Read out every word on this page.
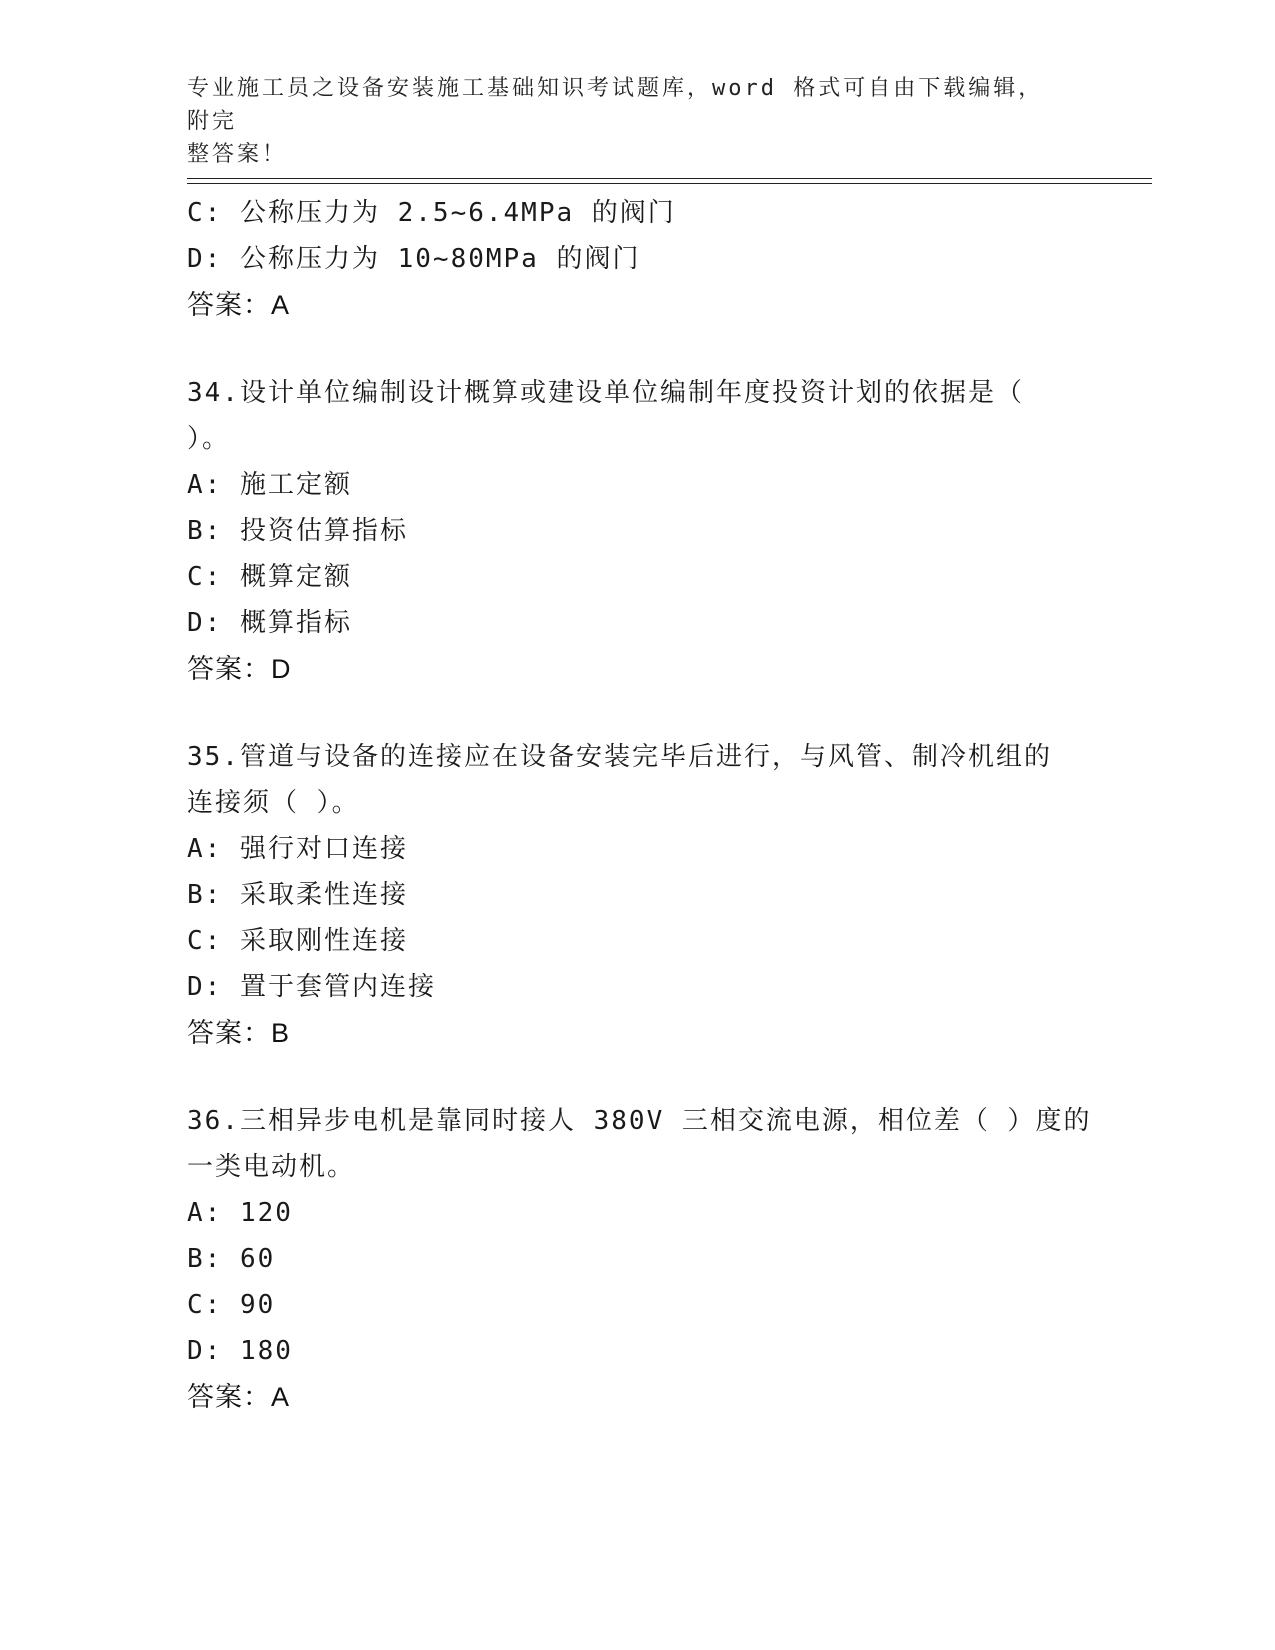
专业施工员之设备安装施工基础知识考试题库，word 格式可自由下载编辑，附完
整答案！
C: 公称压力为 2.5~6.4MPa 的阀门
D: 公称压力为 10~80MPa 的阀门
答案：A
34.设计单位编制设计概算或建设单位编制年度投资计划的依据是（
）。
A: 施工定额
B: 投资估算指标
C: 概算定额
D: 概算指标
答案：D
35.管道与设备的连接应在设备安装完毕后进行，与风管、制冷机组的
连接须（ ）。
A: 强行对口连接
B: 采取柔性连接
C: 采取刚性连接
D: 置于套管内连接
答案：B
36.三相异步电机是靠同时接人 380V 三相交流电源，相位差（ ）度的
一类电动机。
A: 120
B: 60
C: 90
D: 180
答案：A
